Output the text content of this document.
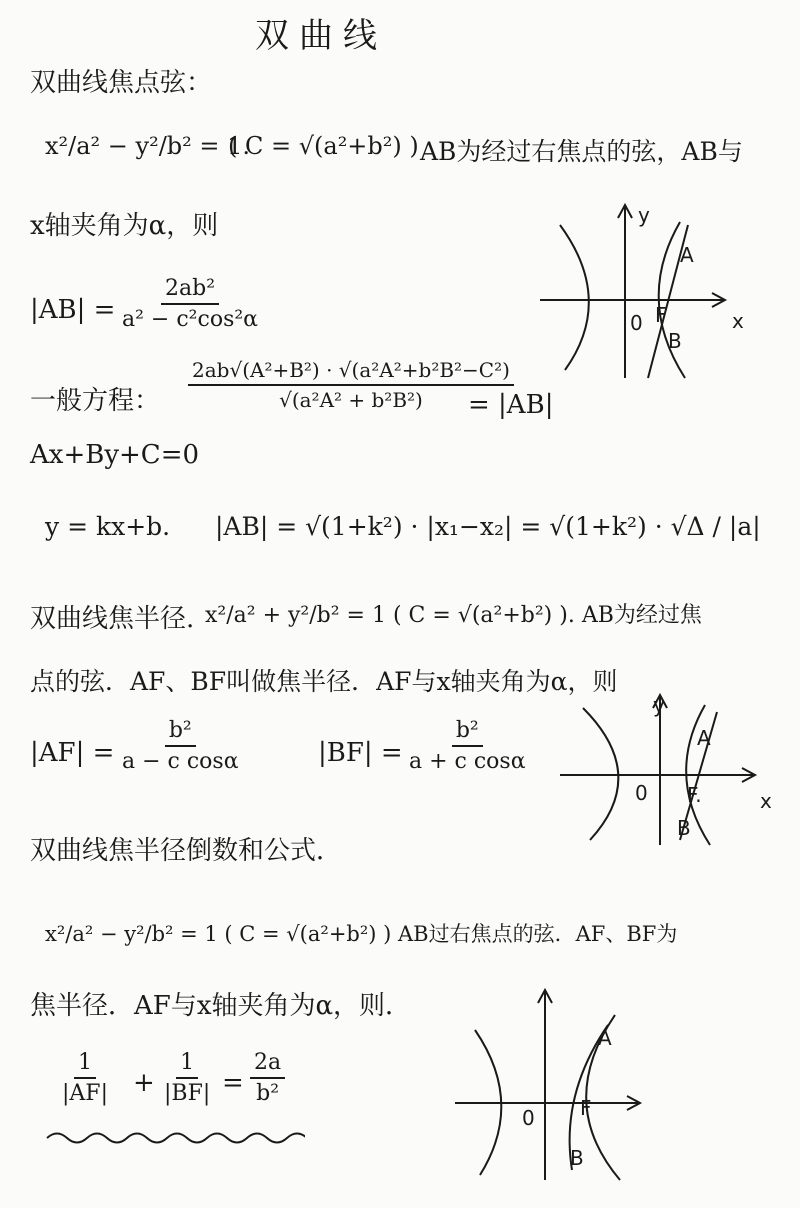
双曲线
双曲线焦点弦：
x²/a² − y²/b² = 1.
( C = √(a²+b²) ) AB为经过右焦点的弦，AB与
x轴夹角为α，则
$|AB| = \frac{\text{2ab²}}{\text{a² − c²cos²α}}$
一般方程： $\frac{\text{2ab√(A²+B²) · √(a²A²+b²B²−C²)}}{\text{√(a²A² + b²B²)}}$
= |AB|
Ax+By+C=0
y = kx+b. |AB| = √(1+k²) · |x₁−x₂| = √(1+k²) · √Δ / |a|
y
x
0 F
A
B
双曲线焦半径. x²/a² + y²/b² = 1 ( C = √(a²+b²) ). AB为经过焦
点的弦．AF、BF叫做焦半径．AF与x轴夹角为α，则
$|AF| = \frac{\text{b²}}{\text{a − c cosα}}$	$|BF| = \frac{\text{b²}}{\text{a + c cosα}}$
y
x
0 F.
A
B
双曲线焦半径倒数和公式．
x²/a² − y²/b² = 1 ( C = √(a²+b²) ) AB过右焦点的弦．AF、BF为
焦半径．AF与x轴夹角为α，则．
$\frac{1}{|AF|} + \frac{1}{|BF|} = \frac{2a}{\text{b²}}$
0 F
A
B
